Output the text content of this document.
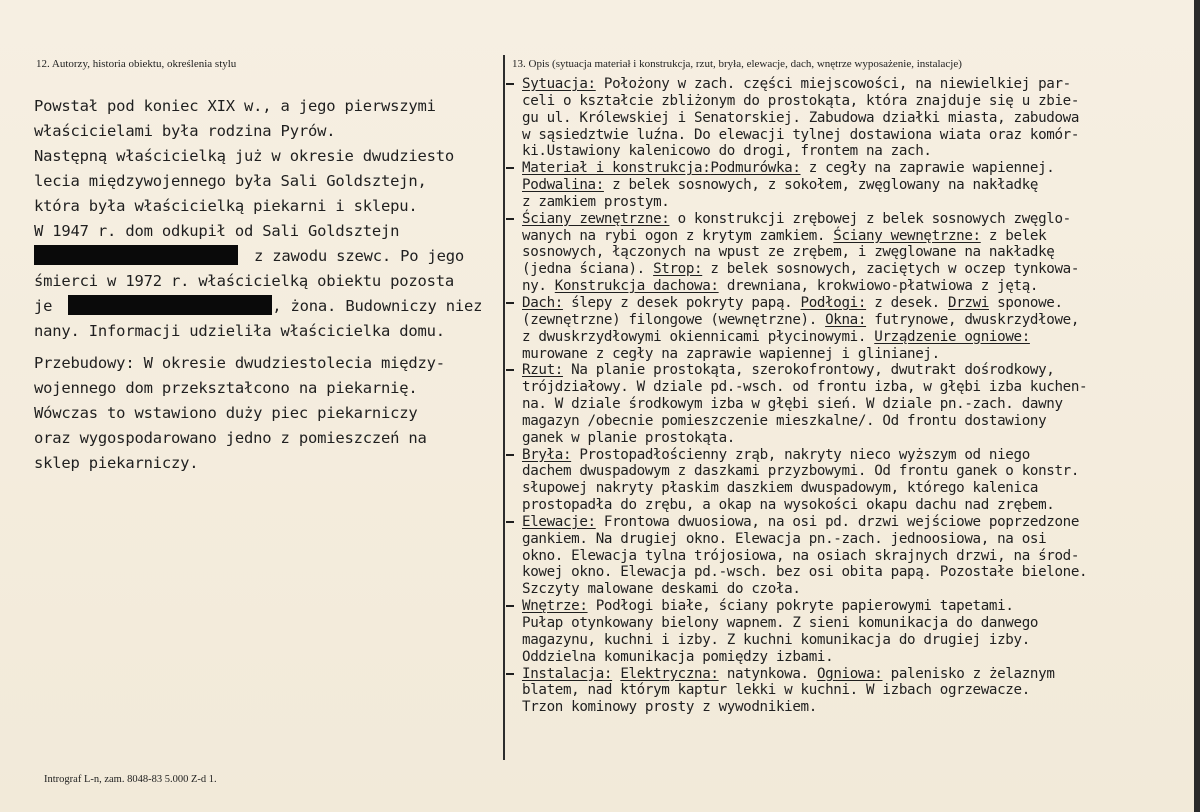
12. Autorzy, historia obiektu, określenia stylu	13. Opis (sytuacja materiał i konstrukcja, rzut, bryła, elewacje, dach, wnętrze wyposażenie, instalacje)

Powstał pod koniec XIX w., a jego pierwszymi

właścicielami była rodzina Pyrów.

Następną właścicielką już w okresie dwudziesto

lecia międzywojennego była Sali Goldsztejn,

która była właścicielką piekarni i sklepu.

W 1947 r. dom odkupił od Sali Goldsztejn

z zawodu szewc. Po jego

śmierci w 1972 r. właścicielką obiektu pozosta

je	, żona. Budowniczy niez

nany. Informacji udzieliła właścicielka domu.

Przebudowy: W okresie dwudziestolecia między-

wojennego dom przekształcono na piekarnię.

Wówczas to wstawiono duży piec piekarniczy

oraz wygospodarowano jedno z pomieszczeń na

sklep piekarniczy.

Sytuacja: Położony w zach. części miejscowości, na niewielkiej par-
celi o kształcie zbliżonym do prostokąta, która znajduje się u zbie-
gu ul. Królewskiej i Senatorskiej. Zabudowa działki miasta, zabudowa
w sąsiedztwie luźna. Do elewacji tylnej dostawiona wiata oraz komór-
ki.Ustawiony kalenicowo do drogi, frontem na zach.
Materiał i konstrukcja:Podmurówka: z cegły na zaprawie wapiennej.
Podwalina: z belek sosnowych, z sokołem, zwęglowany na nakładkę
z zamkiem prostym.
Ściany zewnętrzne: o konstrukcji zrębowej z belek sosnowych zwęglo-
wanych na rybi ogon z krytym zamkiem. Ściany wewnętrzne: z belek
sosnowych, łączonych na wpust ze zrębem, i zwęglowane na nakładkę
(jedna ściana). Strop: z belek sosnowych, zaciętych w oczep tynkowa-
ny. Konstrukcja dachowa: drewniana, krokwiowo-płatwiowa z jętą.
Dach: ślepy z desek pokryty papą. Podłogi: z desek. Drzwi sponowe.
(zewnętrzne) filongowe (wewnętrzne). Okna: futrynowe, dwuskrzydłowe,
z dwuskrzydłowymi okiennicami płycinowymi. Urządzenie ogniowe:
murowane z cegły na zaprawie wapiennej i glinianej.
Rzut: Na planie prostokąta, szerokofrontowy, dwutrakt dośrodkowy,
trójdziałowy. W dziale pd.-wsch. od frontu izba, w głębi izba kuchen-
na. W dziale środkowym izba w głębi sień. W dziale pn.-zach. dawny
magazyn /obecnie pomieszczenie mieszkalne/. Od frontu dostawiony
ganek w planie prostokąta.
Bryła: Prostopadłościenny zrąb, nakryty nieco wyższym od niego
dachem dwuspadowym z daszkami przyzbowymi. Od frontu ganek o konstr.
słupowej nakryty płaskim daszkiem dwuspadowym, którego kalenica
prostopadła do zrębu, a okap na wysokości okapu dachu nad zrębem.
Elewacje: Frontowa dwuosiowa, na osi pd. drzwi wejściowe poprzedzone
gankiem. Na drugiej okno. Elewacja pn.-zach. jednoosiowa, na osi
okno. Elewacja tylna trójosiowa, na osiach skrajnych drzwi, na środ-
kowej okno. Elewacja pd.-wsch. bez osi obita papą. Pozostałe bielone.
Szczyty malowane deskami do czoła.
Wnętrze: Podłogi białe, ściany pokryte papierowymi tapetami.
Pułap otynkowany bielony wapnem. Z sieni komunikacja do danwego
magazynu, kuchni i izby. Z kuchni komunikacja do drugiej izby.
Oddzielna komunikacja pomiędzy izbami.
Instalacja: Elektryczna: natynkowa. Ogniowa: palenisko z żelaznym
blatem, nad którym kaptur lekki w kuchni. W izbach ogrzewacze.
Trzon kominowy prosty z wywodnikiem.
Intrograf L-n, zam. 8048-83 5.000 Z-d 1.
